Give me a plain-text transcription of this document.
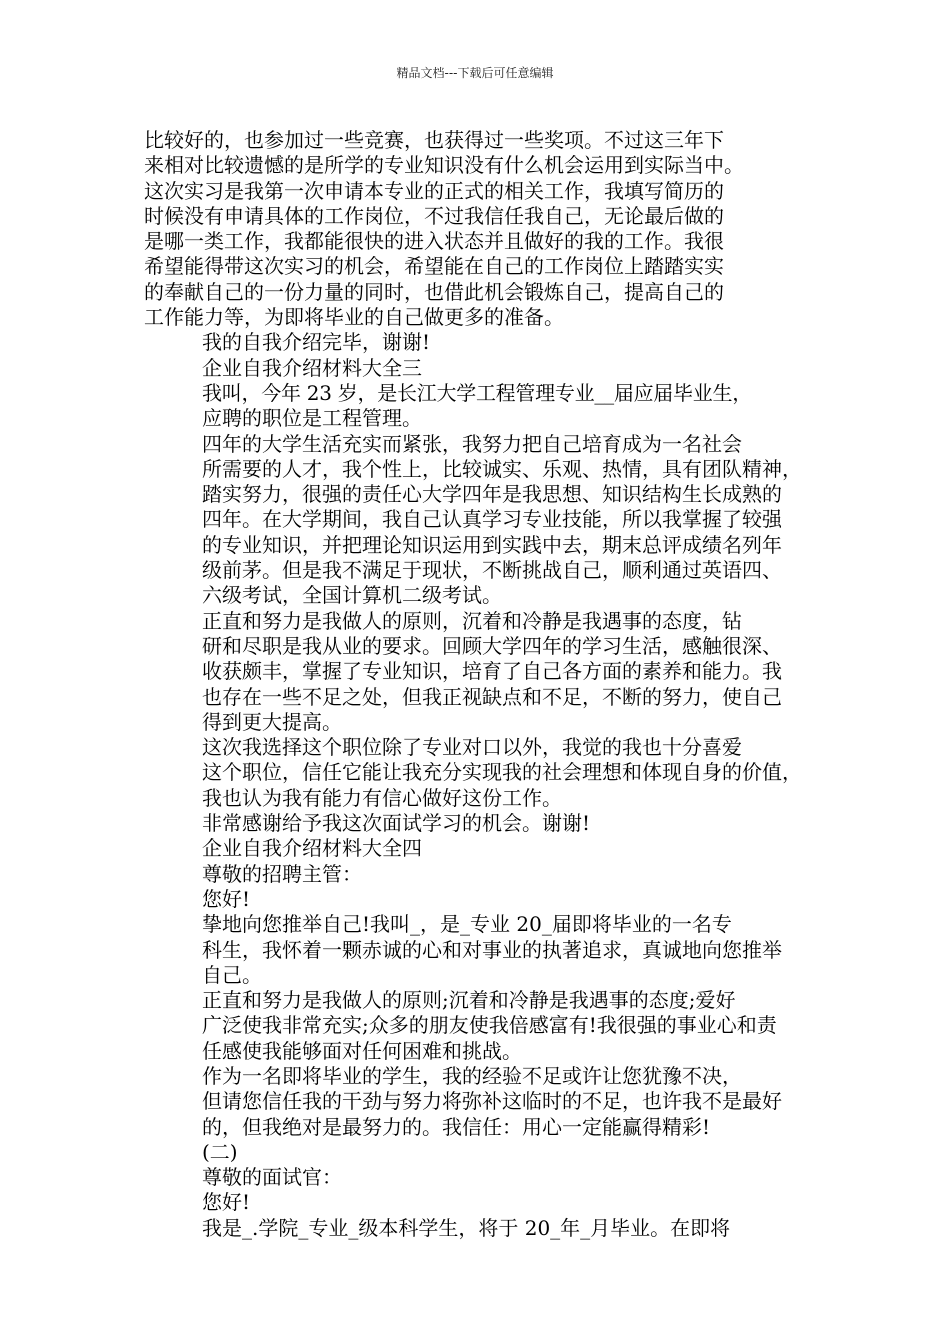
精品文档---下载后可任意编辑
比较好的，也参加过一些竞赛，也获得过一些奖项。不过这三年下
来相对比较遗憾的是所学的专业知识没有什么机会运用到实际当中。
这次实习是我第一次申请本专业的正式的相关工作，我填写简历的
时候没有申请具体的工作岗位，不过我信任我自己，无论最后做的
是哪一类工作，我都能很快的进入状态并且做好的我的工作。我很
希望能得带这次实习的机会，希望能在自己的工作岗位上踏踏实实
的奉献自己的一份力量的同时，也借此机会锻炼自己，提高自己的
工作能力等，为即将毕业的自己做更多的准备。
我的自我介绍完毕，谢谢!
企业自我介绍材料大全三
我叫，今年 23 岁，是长江大学工程管理专业__届应届毕业生，
应聘的职位是工程管理。
四年的大学生活充实而紧张，我努力把自己培育成为一名社会
所需要的人才，我个性上，比较诚实、乐观、热情，具有团队精神，
踏实努力，很强的责任心大学四年是我思想、知识结构生长成熟的
四年。在大学期间，我自己认真学习专业技能，所以我掌握了较强
的专业知识，并把理论知识运用到实践中去，期末总评成绩名列年
级前茅。但是我不满足于现状，不断挑战自己，顺利通过英语四、
六级考试，全国计算机二级考试。
正直和努力是我做人的原则，沉着和冷静是我遇事的态度，钻
研和尽职是我从业的要求。回顾大学四年的学习生活，感触很深、
收获颇丰，掌握了专业知识，培育了自己各方面的素养和能力。我
也存在一些不足之处，但我正视缺点和不足，不断的努力，使自己
得到更大提高。
这次我选择这个职位除了专业对口以外，我觉的我也十分喜爱
这个职位，信任它能让我充分实现我的社会理想和体现自身的价值，
我也认为我有能力有信心做好这份工作。
非常感谢给予我这次面试学习的机会。谢谢!
企业自我介绍材料大全四
尊敬的招聘主管：
您好!
挚地向您推举自己!我叫_，是_专业 20_届即将毕业的一名专
科生，我怀着一颗赤诚的心和对事业的执著追求，真诚地向您推举
自己。
正直和努力是我做人的原则;沉着和冷静是我遇事的态度;爱好
广泛使我非常充实;众多的朋友使我倍感富有!我很强的事业心和责
任感使我能够面对任何困难和挑战。
作为一名即将毕业的学生，我的经验不足或许让您犹豫不决，
但请您信任我的干劲与努力将弥补这临时的不足，也许我不是最好
的，但我绝对是最努力的。我信任：用心一定能赢得精彩!
(二)
尊敬的面试官：
您好!
我是_.学院_专业_级本科学生，将于 20_年_月毕业。在即将
